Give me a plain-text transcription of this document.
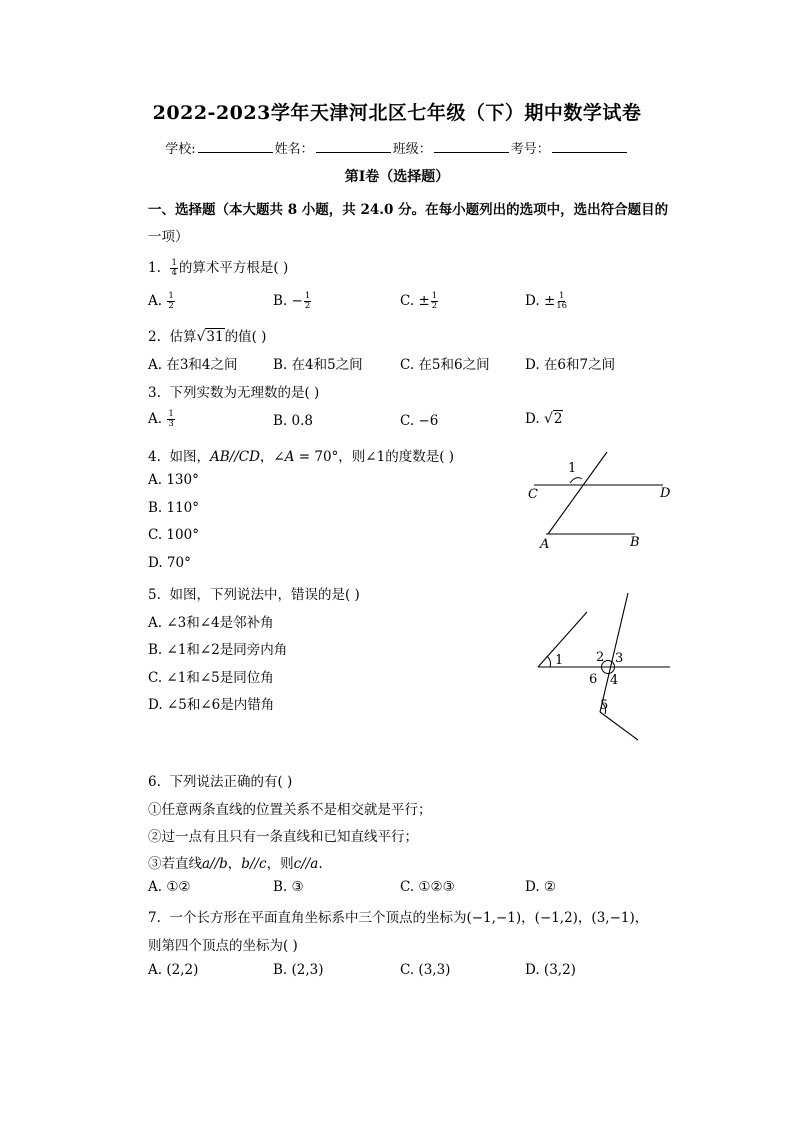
2022-2023学年天津河北区七年级（下）期中数学试卷
学校:	姓名：	班级：	考号：
第I卷（选择题）
一、选择题（本大题共 8 小题，共 24.0 分。在每小题列出的选项中，选出符合题目的
一项）
1. $\frac{1}{4}$ 的算术平方根是( )
A. $\frac{1}{2}$	B. − $\frac{1}{2}$	C. ± $\frac{1}{2}$	D. ± $\frac{1}{16}$
2. 估算√31的值( )
A. 在3和4之间	B. 在4和5之间	C. 在5和6之间	D. 在6和7之间
3. 下列实数为无理数的是( )
A. $\frac{1}{3}$	B. 0.8	C. −6	D. √2
4. 如图，AB//CD，∠A = 70°，则∠1的度数是( )
A. 130°
B. 110°
C. 100°
D. 70°
1
C	D
A	B
5. 如图，下列说法中，错误的是( )
A. ∠3和∠4是邻补角
B. ∠1和∠2是同旁内角
C. ∠1和∠5是同位角
D. ∠5和∠6是内错角
1	2 3
4
6
5
6. 下列说法正确的有( )
①任意两条直线的位置关系不是相交就是平行；
②过一点有且只有一条直线和已知直线平行；
③若直线a//b，b//c，则c//a.
A. ①②	B. ③	C. ①②③	D. ②
7. 一个长方形在平面直角坐标系中三个顶点的坐标为(−1,−1)，(−1,2)，(3,−1)，
则第四个顶点的坐标为( )
A. (2,2)	B. (2,3)	C. (3,3)	D. (3,2)
